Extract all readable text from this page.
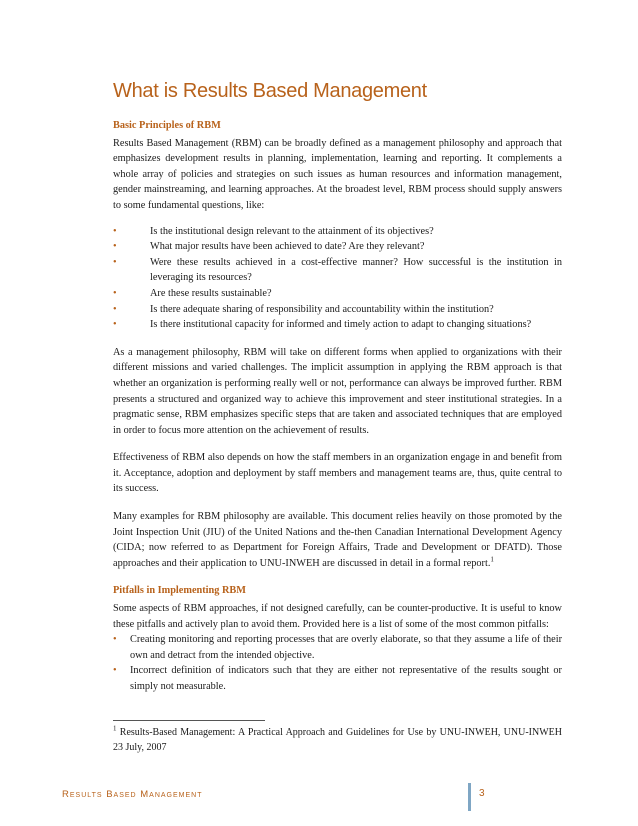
What is Results Based Management
Basic Principles of RBM

Results Based Management (RBM) can be broadly defined as a management philosophy and approach that emphasizes development results in planning, implementation, learning and reporting. It complements a whole array of policies and strategies on such issues as human resources and information management, gender mainstreaming, and learning approaches. At the broadest level, RBM process should supply answers to some fundamental questions, like:

•	Is the institutional design relevant to the attainment of its objectives?
•	What major results have been achieved to date? Are they relevant?
•	Were these results achieved in a cost-effective manner? How successful is the institution in leveraging its resources?
•	Are these results sustainable?
•	Is there adequate sharing of responsibility and accountability within the institution?
•	Is there institutional capacity for informed and timely action to adapt to changing situations?

As a management philosophy, RBM will take on different forms when applied to organizations with their different missions and varied challenges. The implicit assumption in applying the RBM approach is that whether an organization is performing really well or not, performance can always be improved further. RBM presents a structured and organized way to achieve this improvement and steer institutional strategies. In a pragmatic sense, RBM emphasizes specific steps that are taken and associated techniques that are employed in order to focus more attention on the achievement of results.

Effectiveness of RBM also depends on how the staff members in an organization engage in and benefit from it. Acceptance, adoption and deployment by staff members and management teams are, thus, quite central to its success.

Many examples for RBM philosophy are available. This document relies heavily on those promoted by the Joint Inspection Unit (JIU) of the United Nations and the-then Canadian International Development Agency (CIDA; now referred to as Department for Foreign Affairs, Trade and Development or DFATD). Those approaches and their application to UNU-INWEH are discussed in detail in a formal report.$^1$

Pitfalls in Implementing RBM

Some aspects of RBM approaches, if not designed carefully, can be counter-productive. It is useful to know these pitfalls and actively plan to avoid them. Provided here is a list of some of the most common pitfalls:

• Creating monitoring and reporting processes that are overly elaborate, so that they assume a life of their own and detract from the intended objective.
• Incorrect definition of indicators such that they are either not representative of the results sought or simply not measurable.
$^1$ Results-Based Management: A Practical Approach and Guidelines for Use by UNU-INWEH, UNU-INWEH 23 July, 2007
Results Based Management	3
